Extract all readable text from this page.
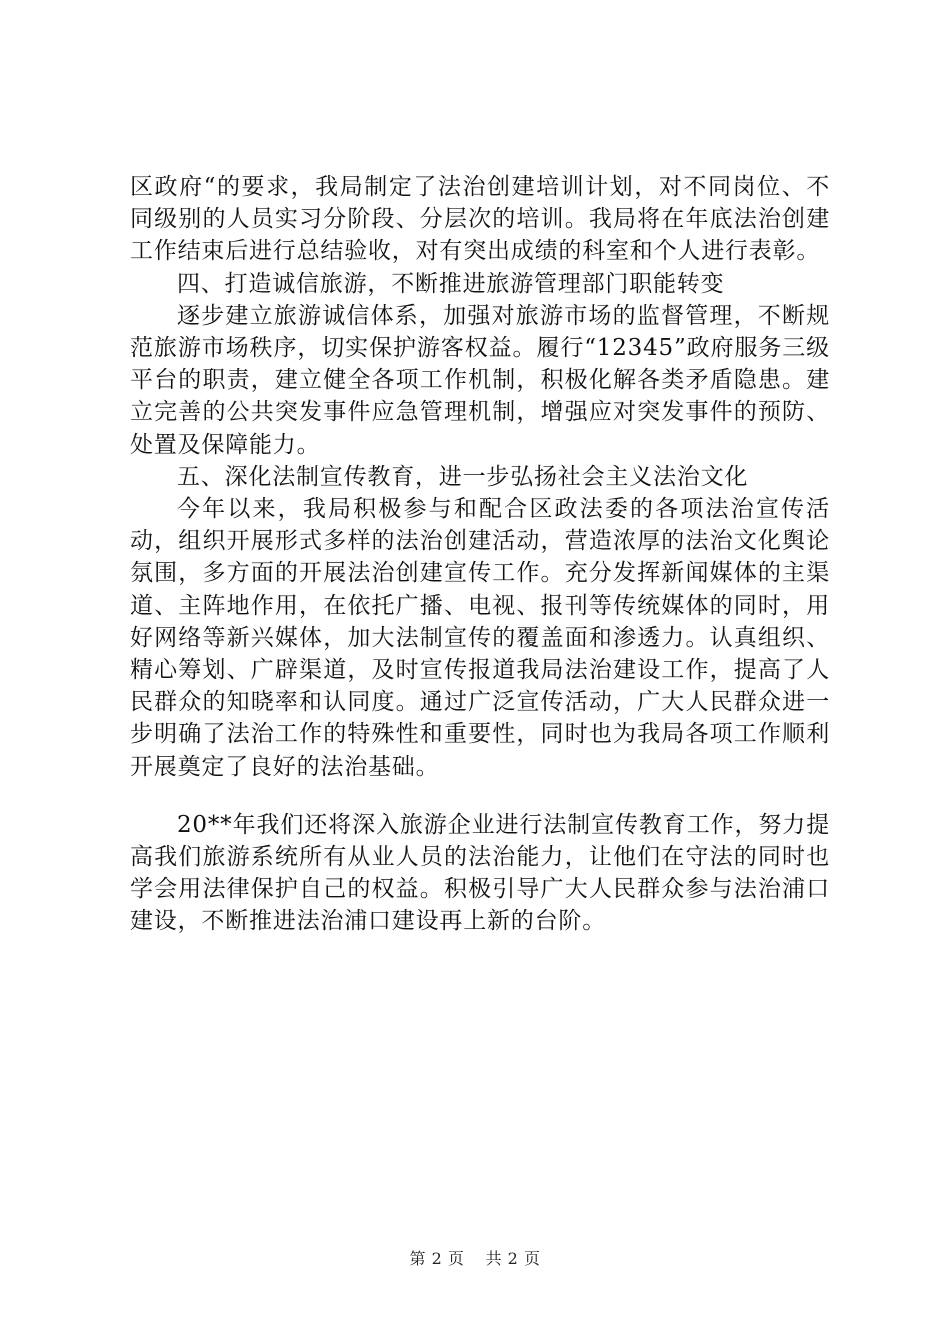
区政府“的要求，我局制定了法治创建培训计划，对不同岗位、不同级别的人员实习分阶段、分层次的培训。我局将在年底法治创建工作结束后进行总结验收，对有突出成绩的科室和个人进行表彰。

四、打造诚信旅游，不断推进旅游管理部门职能转变

逐步建立旅游诚信体系，加强对旅游市场的监督管理，不断规范旅游市场秩序，切实保护游客权益。履行“12345”政府服务三级平台的职责，建立健全各项工作机制，积极化解各类矛盾隐患。建立完善的公共突发事件应急管理机制，增强应对突发事件的预防、处置及保障能力。

五、深化法制宣传教育，进一步弘扬社会主义法治文化

今年以来，我局积极参与和配合区政法委的各项法治宣传活动，组织开展形式多样的法治创建活动，营造浓厚的法治文化舆论氛围，多方面的开展法治创建宣传工作。充分发挥新闻媒体的主渠道、主阵地作用，在依托广播、电视、报刊等传统媒体的同时，用好网络等新兴媒体，加大法制宣传的覆盖面和渗透力。认真组织、精心筹划、广辟渠道，及时宣传报道我局法治建设工作，提高了人民群众的知晓率和认同度。通过广泛宣传活动，广大人民群众进一步明确了法治工作的特殊性和重要性，同时也为我局各项工作顺利开展奠定了良好的法治基础。

20**年我们还将深入旅游企业进行法制宣传教育工作，努力提高我们旅游系统所有从业人员的法治能力，让他们在守法的同时也学会用法律保护自己的权益。积极引导广大人民群众参与法治浦口建设，不断推进法治浦口建设再上新的台阶。

第 2 页 共 2 页
